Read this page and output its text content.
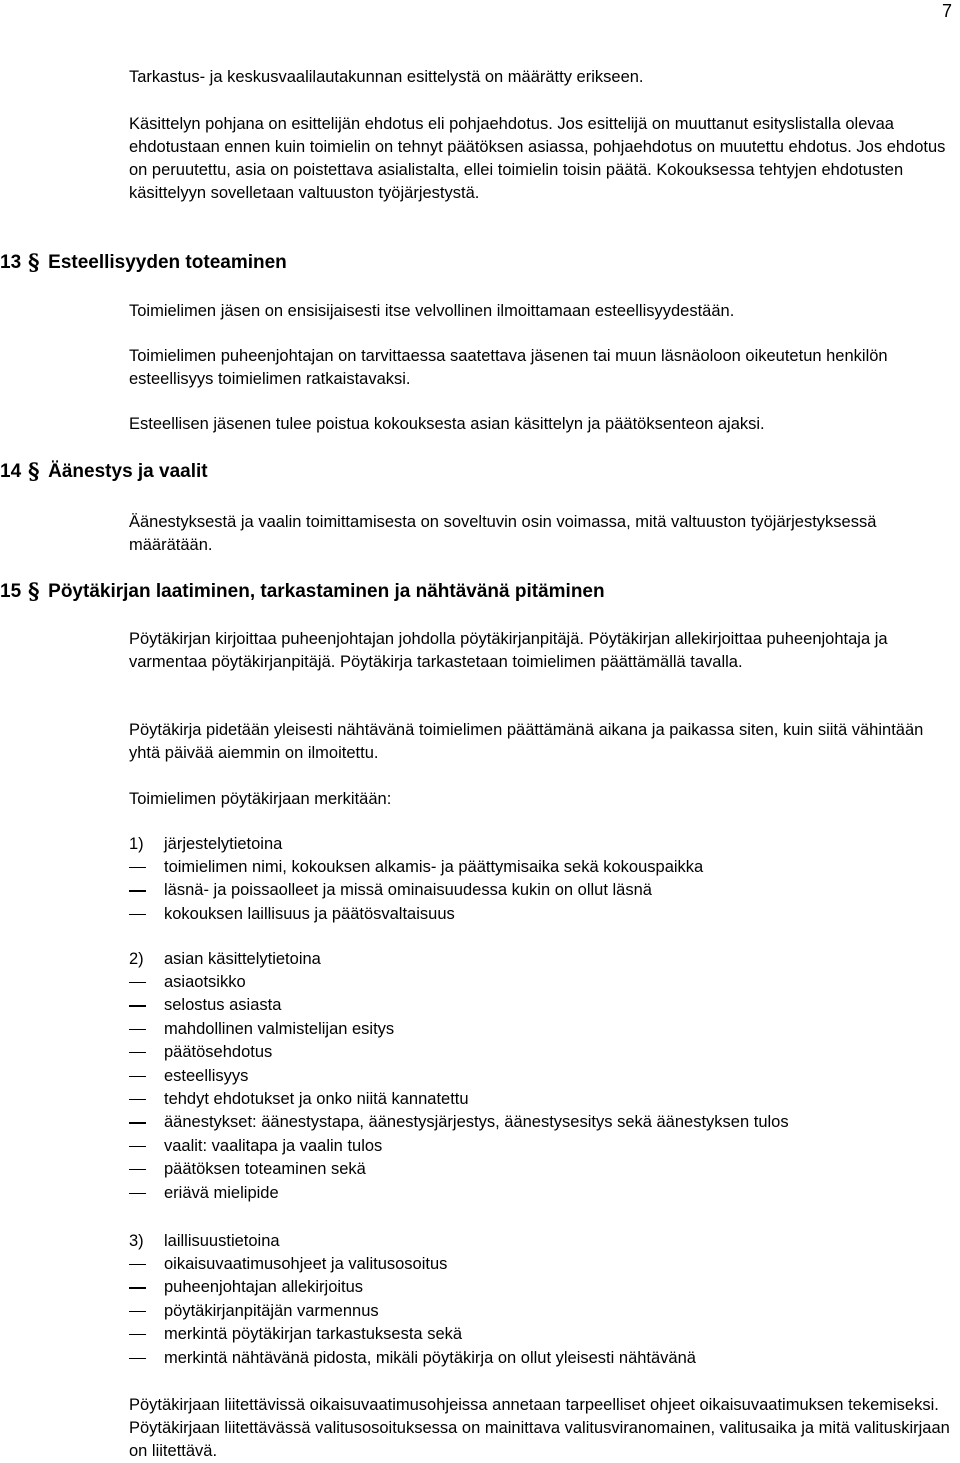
7

Tarkastus- ja keskusvaalilautakunnan esittelystä on määrätty erikseen.

Käsittelyn pohjana on esittelijän ehdotus eli pohjaehdotus. Jos esittelijä on muuttanut esityslistalla olevaa ehdotustaan ennen kuin toimielin on tehnyt päätöksen asiassa, pohjaehdotus on muutettu ehdotus. Jos ehdotus on peruutettu, asia on poistettava asialistalta, ellei toimielin toisin päätä. Kokouksessa tehtyjen ehdotusten käsittelyyn sovelletaan valtuuston työjärjestystä.

13 § Esteellisyyden toteaminen

Toimielimen jäsen on ensisijaisesti itse velvollinen ilmoittamaan esteellisyydestään.

Toimielimen puheenjohtajan on tarvittaessa saatettava jäsenen tai muun läsnäoloon oikeutetun henkilön esteellisyys toimielimen ratkaistavaksi.

Esteellisen jäsenen tulee poistua kokouksesta asian käsittelyn ja päätöksenteon ajaksi.

14 § Äänestys ja vaalit

Äänestyksestä ja vaalin toimittamisesta on soveltuvin osin voimassa, mitä valtuuston työjärjestyksessä määrätään.

15 § Pöytäkirjan laatiminen, tarkastaminen ja nähtävänä pitäminen

Pöytäkirjan kirjoittaa puheenjohtajan johdolla pöytäkirjanpitäjä. Pöytäkirjan allekirjoittaa puheenjohtaja ja varmentaa pöytäkirjanpitäjä. Pöytäkirja tarkastetaan toimielimen päättämällä tavalla.

Pöytäkirja pidetään yleisesti nähtävänä toimielimen päättämänä aikana ja paikassa siten, kuin siitä vähintään yhtä päivää aiemmin on ilmoitettu.

Toimielimen pöytäkirjaan merkitään:

1) järjestelytietoina
toimielimen nimi, kokouksen alkamis- ja päättymisaika sekä kokouspaikka
läsnä- ja poissaolleet ja missä ominaisuudessa kukin on ollut läsnä
kokouksen laillisuus ja päätösvaltaisuus
2) asian käsittelytietoina
asiaotsikko
selostus asiasta
mahdollinen valmistelijan esitys
päätösehdotus
esteellisyys
tehdyt ehdotukset ja onko niitä kannatettu
äänestykset: äänestystapa, äänestysjärjestys, äänestysesitys sekä äänestyksen tulos
vaalit: vaalitapa ja vaalin tulos
päätöksen toteaminen sekä
eriävä mielipide
3) laillisuustietoina
oikaisuvaatimusohjeet ja valitusosoitus
puheenjohtajan allekirjoitus
pöytäkirjanpitäjän varmennus
merkintä pöytäkirjan tarkastuksesta sekä
merkintä nähtävänä pidosta, mikäli pöytäkirja on ollut yleisesti nähtävänä

Pöytäkirjaan liitettävissä oikaisuvaatimusohjeissa annetaan tarpeelliset ohjeet oikaisuvaatimuksen tekemiseksi. Pöytäkirjaan liitettävässä valitusosoituksessa on mainittava valitusviranomainen, valitusaika ja mitä valituskirjaan on liitettävä.
